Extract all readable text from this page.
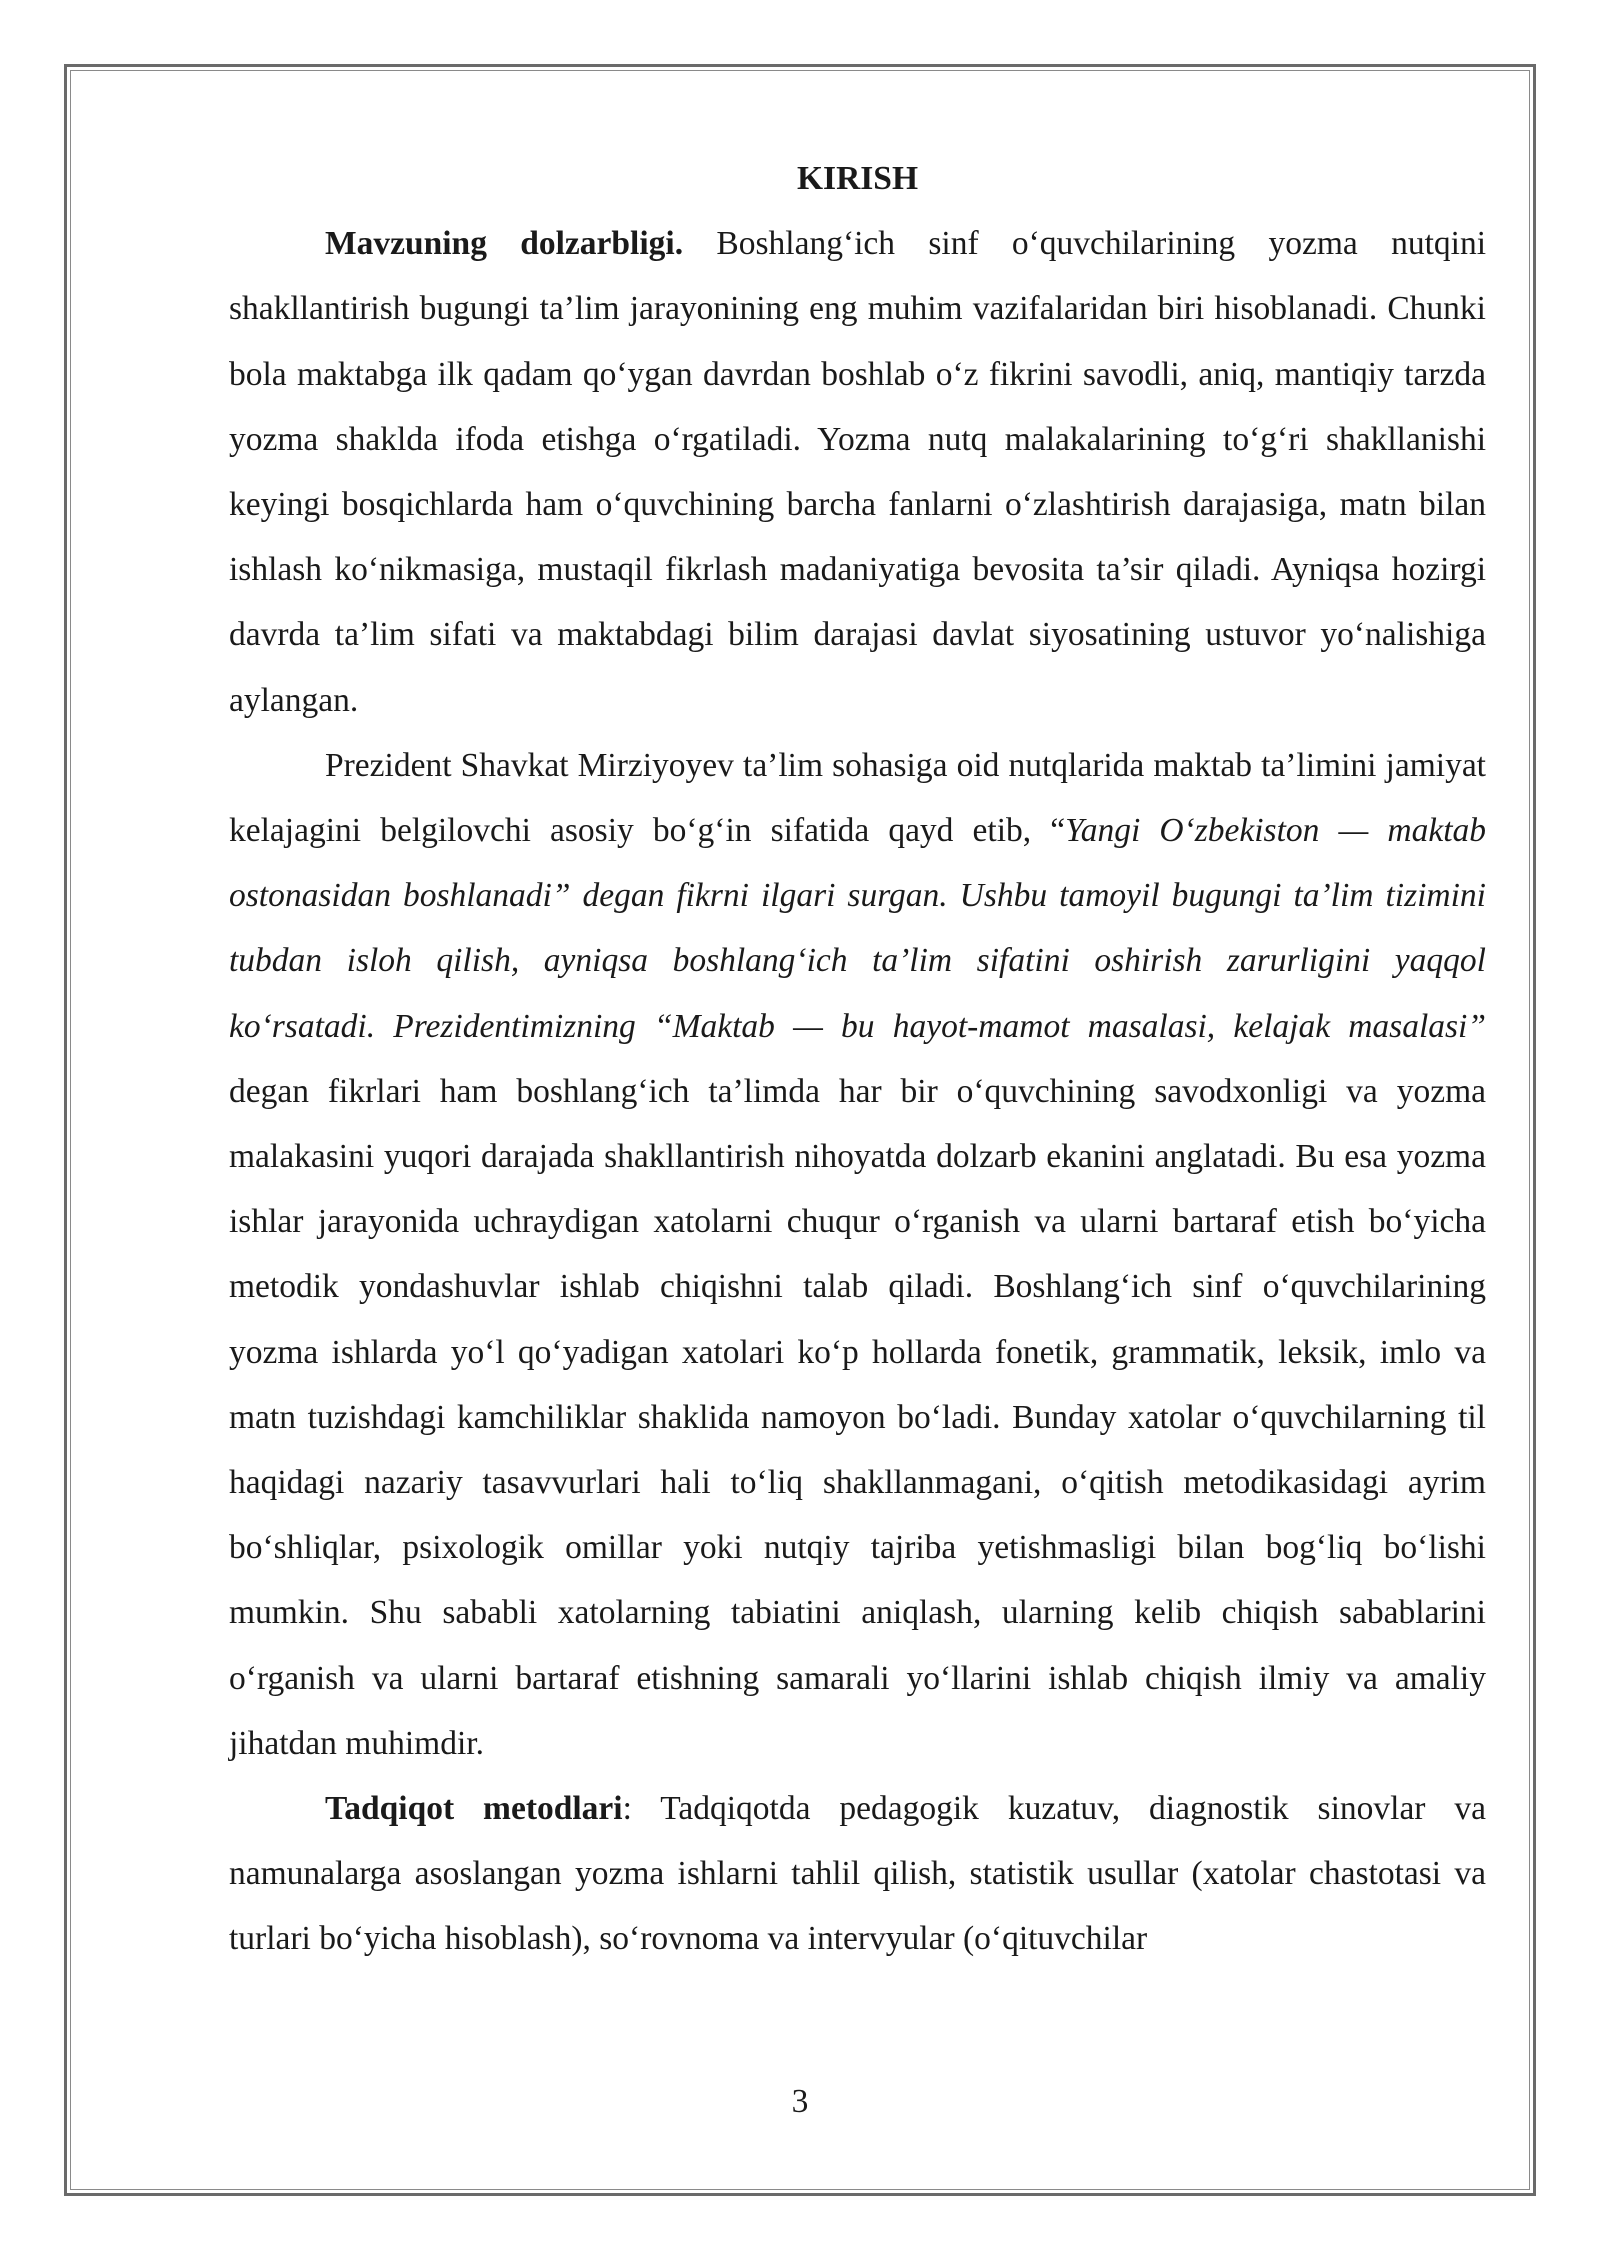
KIRISH

Mavzuning dolzarbligi. Boshlang‘ich sinf o‘quvchilarining yozma nutqini shakllantirish bugungi ta’lim jarayonining eng muhim vazifalaridan biri hisoblanadi. Chunki bola maktabga ilk qadam qo‘ygan davrdan boshlab o‘z fikrini savodli, aniq, mantiqiy tarzda yozma shaklda ifoda etishga o‘rgatiladi. Yozma nutq malakalarining to‘g‘ri shakllanishi keyingi bosqichlarda ham o‘quvchining barcha fanlarni o‘zlashtirish darajasiga, matn bilan ishlash ko‘nikmasiga, mustaqil fikrlash madaniyatiga bevosita ta’sir qiladi. Ayniqsa hozirgi davrda ta’lim sifati va maktabdagi bilim darajasi davlat siyosatining ustuvor yo‘nalishiga aylangan.

Prezident Shavkat Mirziyoyev ta’lim sohasiga oid nutqlarida maktab ta’limini jamiyat kelajagini belgilovchi asosiy bo‘g‘in sifatida qayd etib, “Yangi O‘zbekiston — maktab ostonasidan boshlanadi” degan fikrni ilgari surgan. Ushbu tamoyil bugungi ta’lim tizimini tubdan isloh qilish, ayniqsa boshlang‘ich ta’lim sifatini oshirish zarurligini yaqqol ko‘rsatadi. Prezidentimizning “Maktab — bu hayot-mamot masalasi, kelajak masalasi” degan fikrlari ham boshlang‘ich ta’limda har bir o‘quvchining savodxonligi va yozma malakasini yuqori darajada shakllantirish nihoyatda dolzarb ekanini anglatadi. Bu esa yozma ishlar jarayonida uchraydigan xatolarni chuqur o‘rganish va ularni bartaraf etish bo‘yicha metodik yondashuvlar ishlab chiqishni talab qiladi. Boshlang‘ich sinf o‘quvchilarining yozma ishlarda yo‘l qo‘yadigan xatolari ko‘p hollarda fonetik, grammatik, leksik, imlo va matn tuzishdagi kamchiliklar shaklida namoyon bo‘ladi. Bunday xatolar o‘quvchilarning til haqidagi nazariy tasavvurlari hali to‘liq shakllanmagani, o‘qitish metodikasidagi ayrim bo‘shliqlar, psixologik omillar yoki nutqiy tajriba yetishmasligi bilan bog‘liq bo‘lishi mumkin. Shu sababli xatolarning tabiatini aniqlash, ularning kelib chiqish sabablarini o‘rganish va ularni bartaraf etishning samarali yo‘llarini ishlab chiqish ilmiy va amaliy jihatdan muhimdir.

Tadqiqot metodlari: Tadqiqotda pedagogik kuzatuv, diagnostik sinovlar va namunalarga asoslangan yozma ishlarni tahlil qilish, statistik usullar (xatolar chastotasi va turlari bo‘yicha hisoblash), so‘rovnoma va intervyular (o‘qituvchilar

3
